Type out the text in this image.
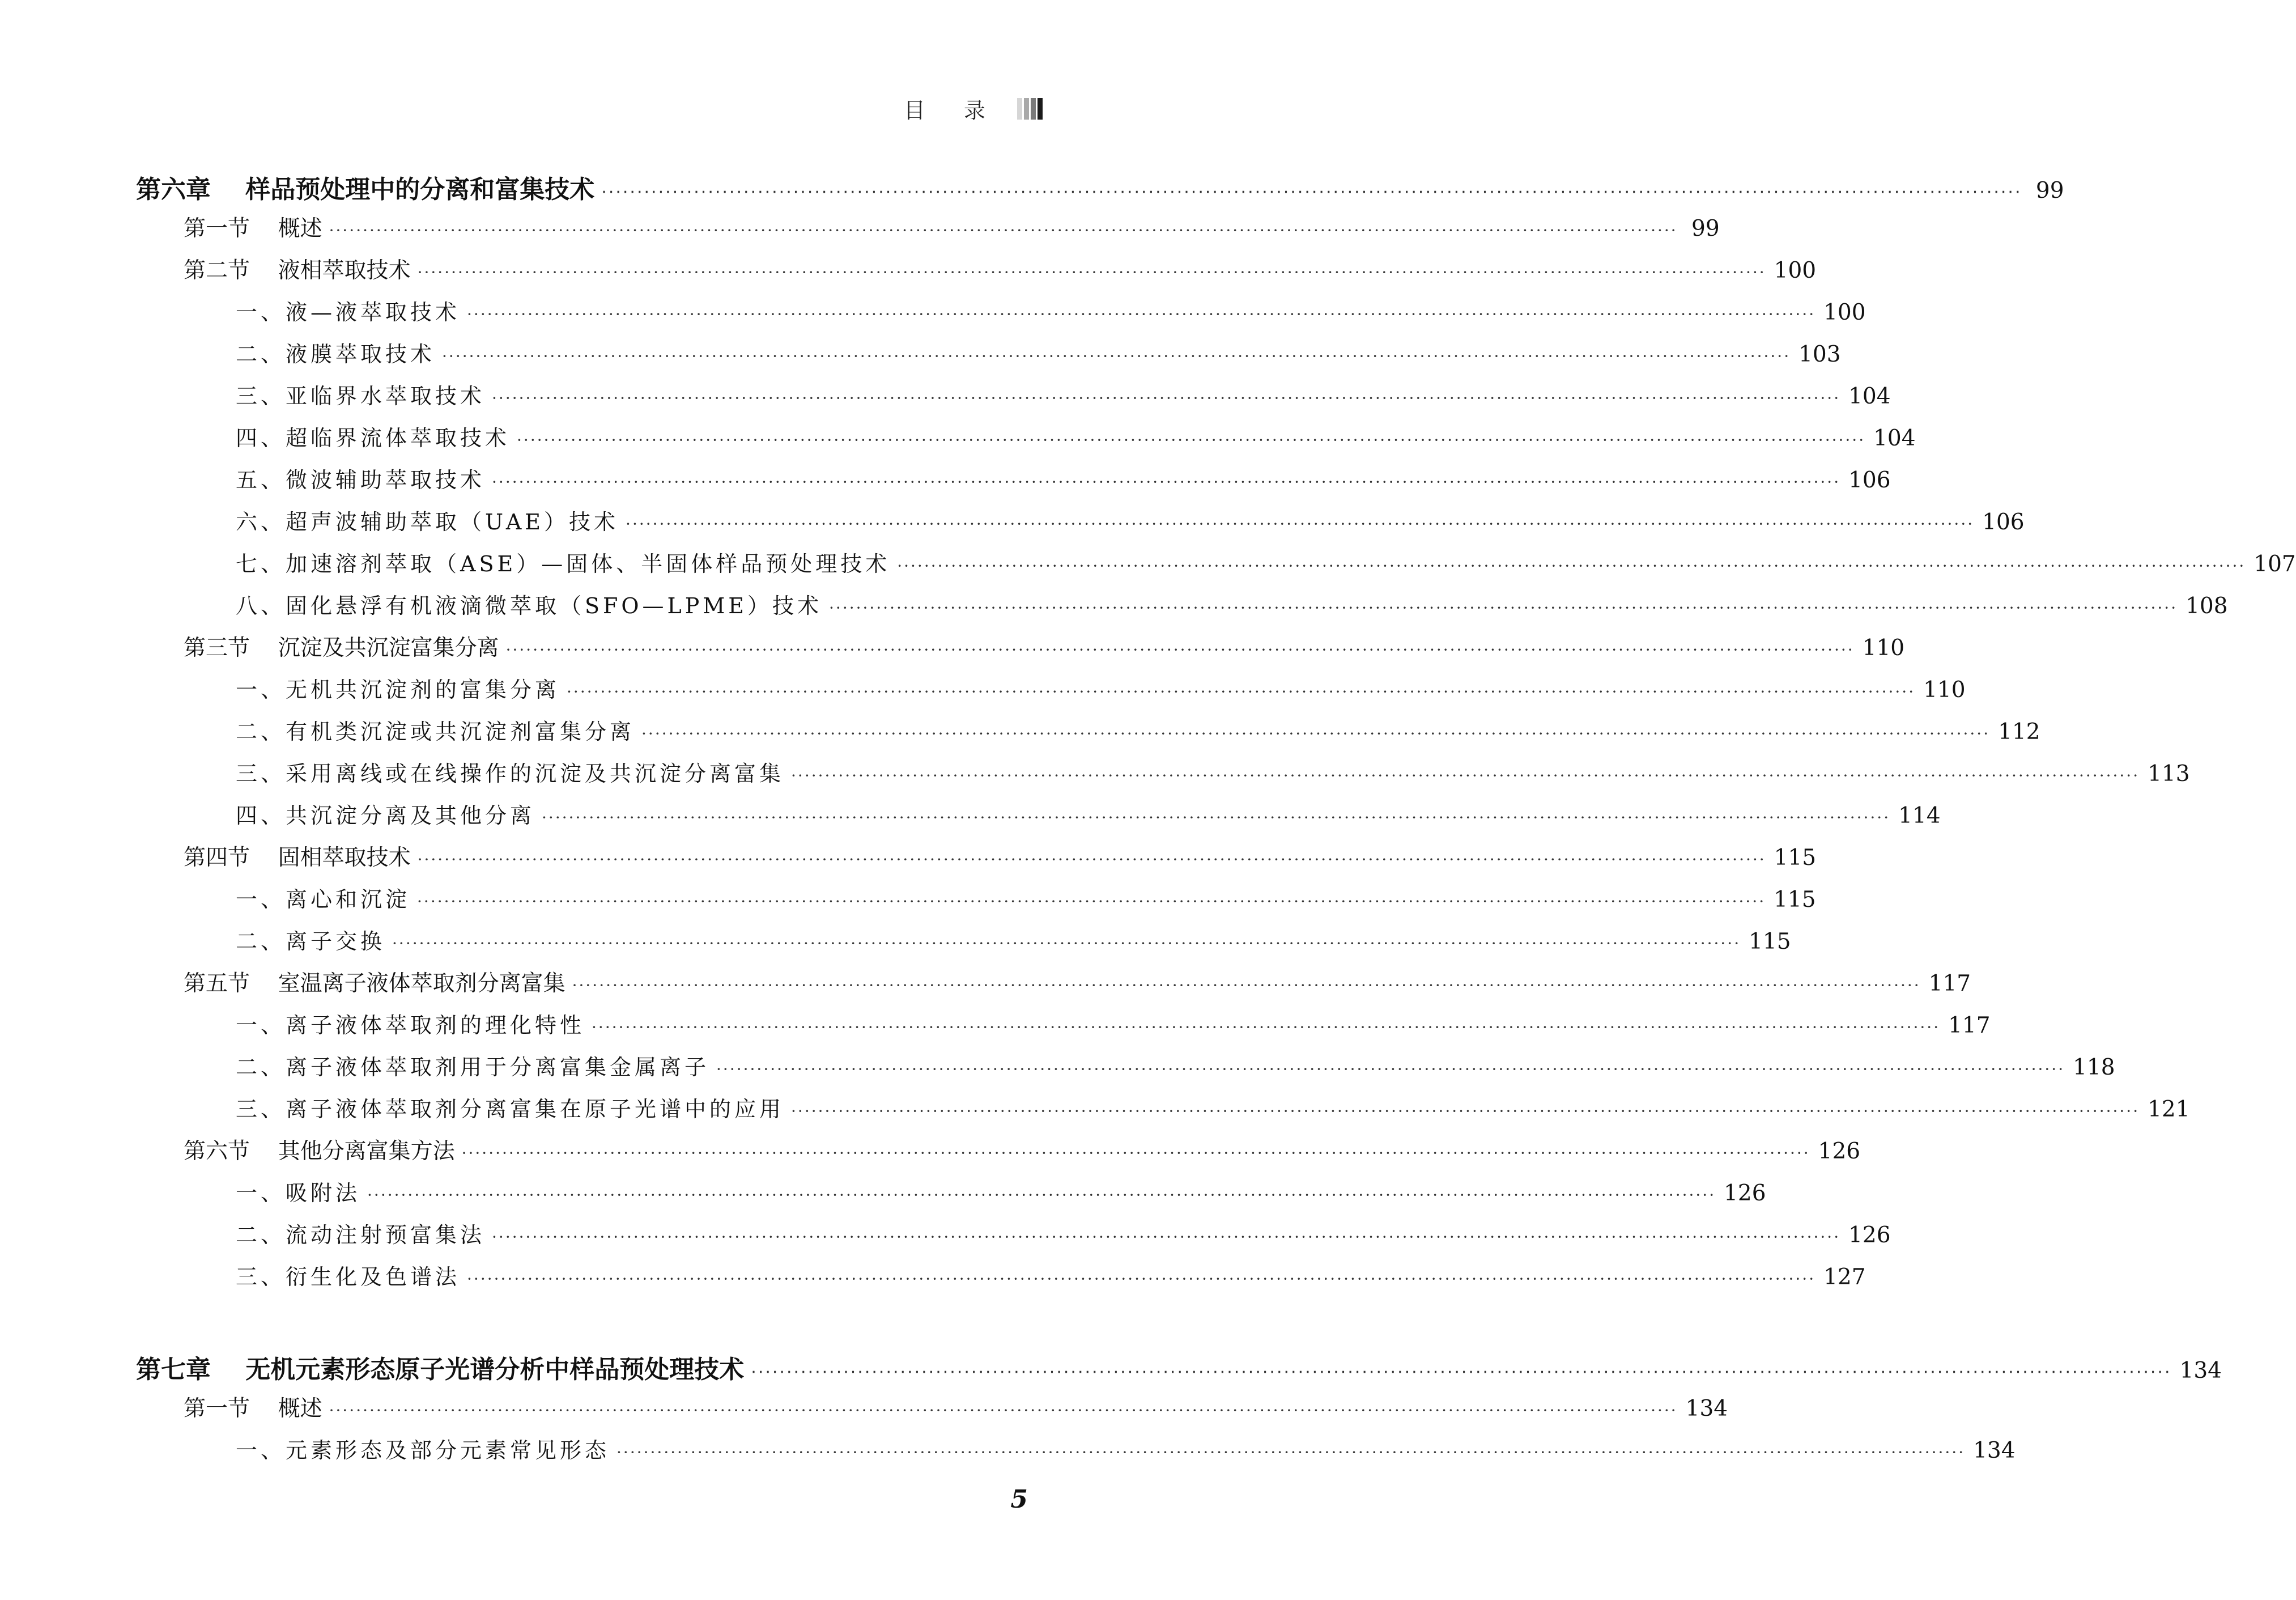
目 录
第六章    样品预处理中的分离和富集技术 ········································································································································································································ 99
第一节    概述 ········································································································································································································ 99
第二节    液相萃取技术 ········································································································································································································ 100
一、液—液萃取技术 ········································································································································································································ 100
二、液膜萃取技术 ········································································································································································································ 103
三、亚临界水萃取技术 ········································································································································································································ 104
四、超临界流体萃取技术 ········································································································································································································ 104
五、微波辅助萃取技术 ········································································································································································································ 106
六、超声波辅助萃取（UAE）技术 ········································································································································································································ 106
七、加速溶剂萃取（ASE）—固体、半固体样品预处理技术 ········································································································································································································ 107
八、固化悬浮有机液滴微萃取（SFO—LPME）技术 ········································································································································································································ 108
第三节    沉淀及共沉淀富集分离 ········································································································································································································ 110
一、无机共沉淀剂的富集分离 ········································································································································································································ 110
二、有机类沉淀或共沉淀剂富集分离 ········································································································································································································ 112
三、采用离线或在线操作的沉淀及共沉淀分离富集 ········································································································································································································ 113
四、共沉淀分离及其他分离 ········································································································································································································ 114
第四节    固相萃取技术 ········································································································································································································ 115
一、离心和沉淀 ········································································································································································································ 115
二、离子交换 ········································································································································································································ 115
第五节    室温离子液体萃取剂分离富集 ········································································································································································································ 117
一、离子液体萃取剂的理化特性 ········································································································································································································ 117
二、离子液体萃取剂用于分离富集金属离子 ········································································································································································································ 118
三、离子液体萃取剂分离富集在原子光谱中的应用 ········································································································································································································ 121
第六节    其他分离富集方法 ········································································································································································································ 126
一、吸附法 ········································································································································································································ 126
二、流动注射预富集法 ········································································································································································································ 126
三、衍生化及色谱法 ········································································································································································································ 127
第七章    无机元素形态原子光谱分析中样品预处理技术 ········································································································································································································ 134
第一节    概述 ········································································································································································································ 134
一、元素形态及部分元素常见形态 ········································································································································································································ 134
5
